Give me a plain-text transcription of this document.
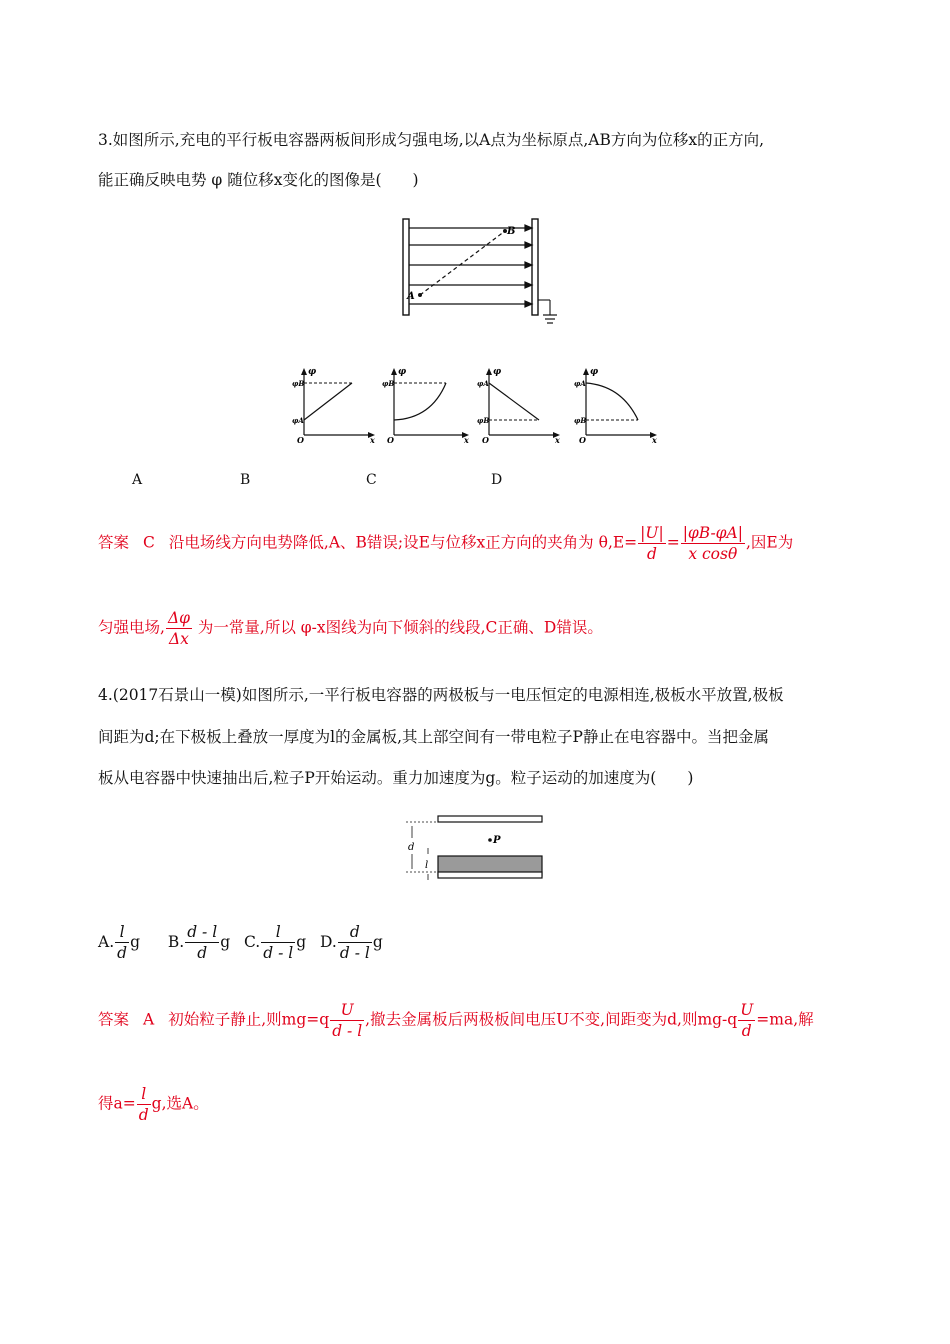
3.如图所示,充电的平行板电容器两板间形成匀强电场,以A点为坐标原点,AB方向为位移x的正方向,
能正确反映电势 φ 随位移x变化的图像是(　　)
A
B
φ
x
O
φB
φA
φ
x
O
φB
φ
x
O
φA
φB
φ
x
O
φA
φB
A	B	C	D
答案 C 沿电场线方向电势降低,A、B错误;设E与位移x正方向的夹角为 $\theta,E= \frac{|U|}{d} = \frac{|\varphi B-\varphi A|}{\text{x cosθ}}$ ,因E为
匀强电场, $\frac{\Delta\varphi}{\Delta x}$ 为一常量,所以 φ-x图线为向下倾斜的线段,C正确、D错误。
4.(2017石景山一模)如图所示,一平行板电容器的两极板与一电压恒定的电源相连,极板水平放置,极板
间距为d;在下极板上叠放一厚度为l的金属板,其上部空间有一带电粒子P静止在电容器中。当把金属
板从电容器中快速抽出后,粒子P开始运动。重力加速度为g。粒子运动的加速度为(　　)
P
d
l
A. $\frac{l}{d}$ g B. $\frac{d - l}{d}$ g C. $\frac{l}{d - l}$ g D. $\frac{d}{d - l}$ g
答案 A 初始粒子静止,则$mg=q \frac{U}{d - l}$ ,撤去金属板后两极板间电压U不变,间距变为d,则$mg-q \frac{U}{d} =ma$,解
得$a= \frac{l}{d} g$,选A。
